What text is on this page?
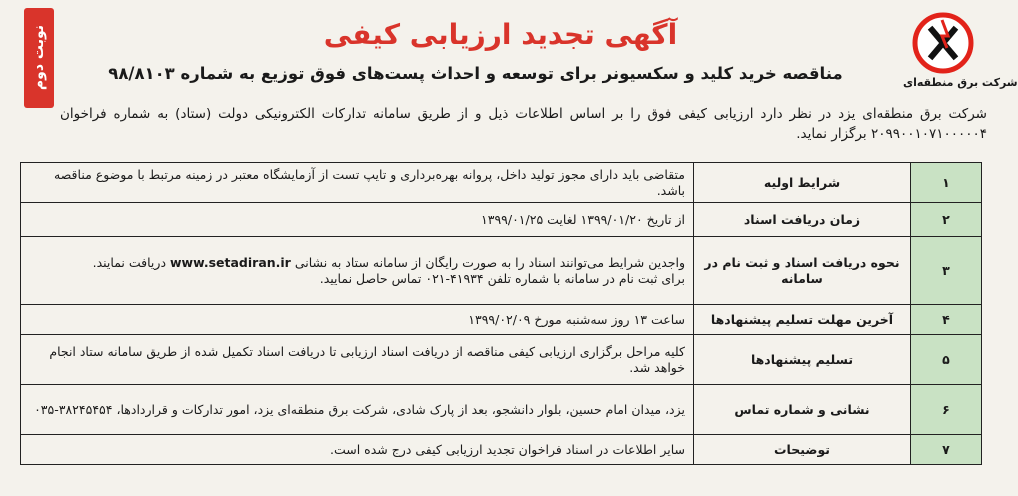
نوبت دوم	شرکت برق منطقه‌ای
آگهی تجدید ارزیابی کیفی
مناقصه خرید کلید و سکسیونر برای توسعه و احداث پست‌های فوق توزیع به شماره ۹۸/۸۱۰۳
شرکت برق منطقه‌ای یزد در نظر دارد ارزیابی کیفی فوق را بر اساس اطلاعات ذیل و از طریق سامانه تدارکات الکترونیکی دولت (ستاد) به شماره فراخوان ۲۰۹۹۰۰۱۰۷۱۰۰۰۰۰۴ برگزار نماید.
۱	شرایط اولیه	متقاضی باید دارای مجوز تولید داخل، پروانه بهره‌برداری و تایپ تست از آزمایشگاه معتبر در زمینه مرتبط با موضوع مناقصه باشد.
۲	زمان دریافت اسناد	از تاریخ ۱۳۹۹/۰۱/۲۰ لغایت ۱۳۹۹/۰۱/۲۵
۳	نحوه دریافت اسناد و ثبت نام در سامانه	واجدین شرایط می‌توانند اسناد را به صورت رایگان از سامانه ستاد به نشانی www.setadiran.ir دریافت نمایند.
برای ثبت نام در سامانه با شماره تلفن ۴۱۹۳۴-۰۲۱ تماس حاصل نمایید.
۴	آخرین مهلت تسلیم پیشنهادها	ساعت ۱۳ روز سه‌شنبه مورخ ۱۳۹۹/۰۲/۰۹
۵	تسلیم پیشنهادها	کلیه مراحل برگزاری ارزیابی کیفی مناقصه از دریافت اسناد ارزیابی تا دریافت اسناد تکمیل شده از طریق سامانه ستاد انجام خواهد شد.
۶	نشانی و شماره تماس	یزد، میدان امام حسین، بلوار دانشجو، بعد از پارک شادی، شرکت برق منطقه‌ای یزد، امور تدارکات و قراردادها، ۳۸۲۴۵۴۵۴-۰۳۵
۷	توضیحات	سایر اطلاعات در اسناد فراخوان تجدید ارزیابی کیفی درج شده است.
